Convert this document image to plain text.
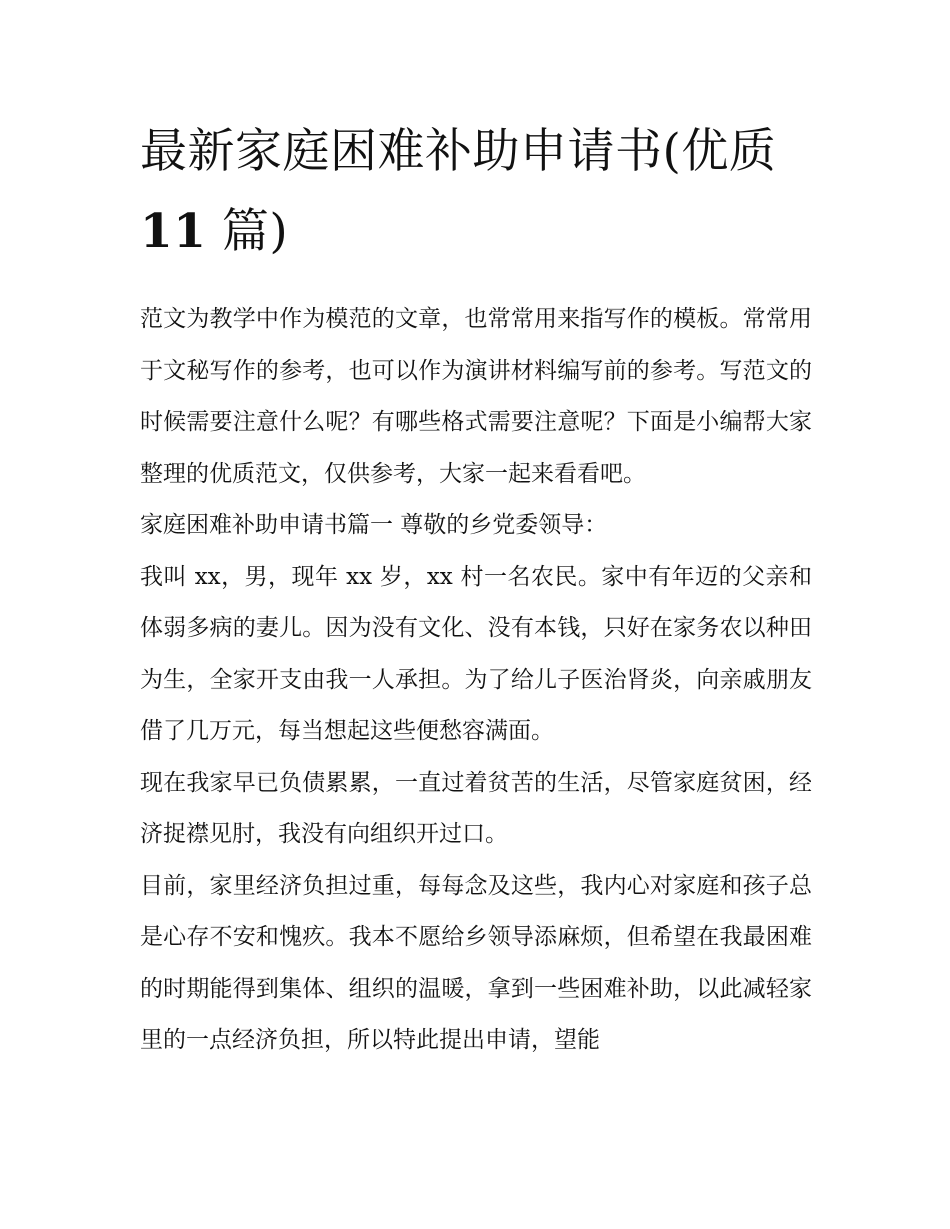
最新家庭困难补助申请书(优质
11 篇)

范文为教学中作为模范的文章，也常常用来指写作的模板。常常用于文秘写作的参考，也可以作为演讲材料编写前的参考。写范文的时候需要注意什么呢？有哪些格式需要注意呢？下面是小编帮大家整理的优质范文，仅供参考，大家一起来看看吧。

家庭困难补助申请书篇一 尊敬的乡党委领导：

我叫 xx，男，现年 xx 岁，xx 村一名农民。家中有年迈的父亲和体弱多病的妻儿。因为没有文化、没有本钱，只好在家务农以种田为生，全家开支由我一人承担。为了给儿子医治肾炎，向亲戚朋友借了几万元，每当想起这些便愁容满面。

现在我家早已负债累累，一直过着贫苦的生活，尽管家庭贫困，经济捉襟见肘，我没有向组织开过口。

目前，家里经济负担过重，每每念及这些，我内心对家庭和孩子总是心存不安和愧疚。我本不愿给乡领导添麻烦，但希望在我最困难的时期能得到集体、组织的温暖，拿到一些困难补助，以此减轻家里的一点经济负担，所以特此提出申请，望能
